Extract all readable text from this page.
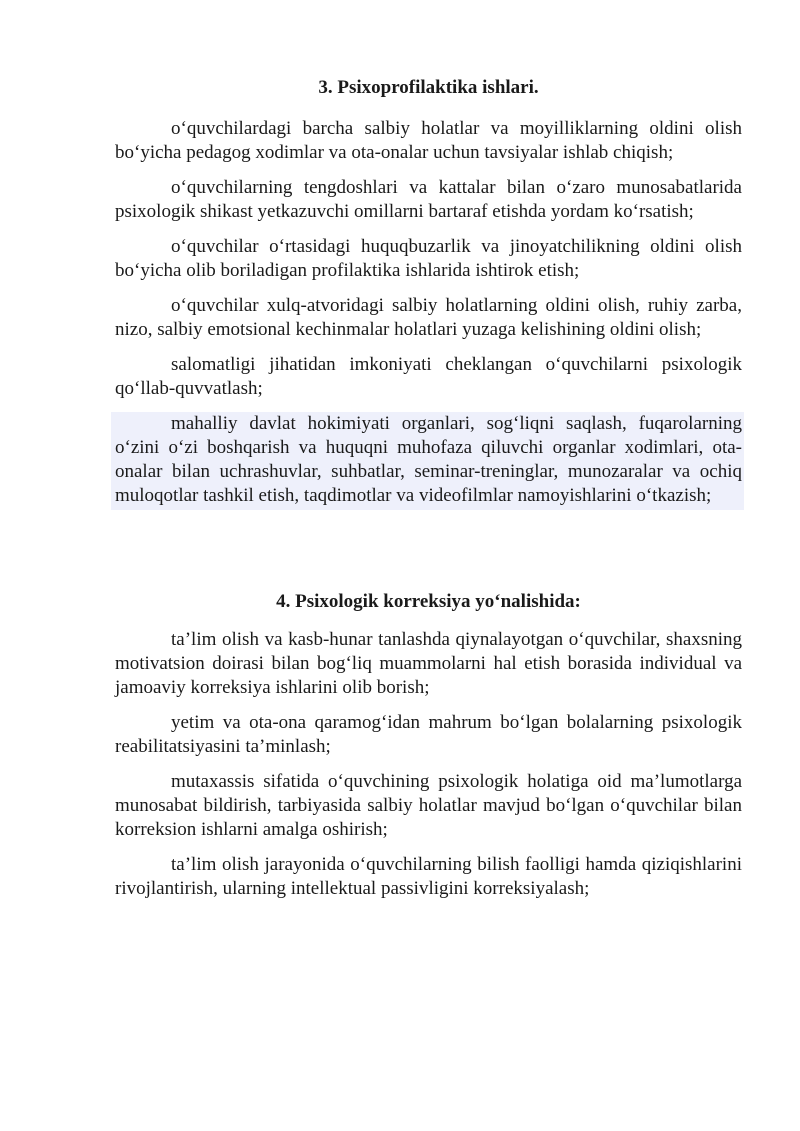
3. Psixoprofilaktika ishlari.

o‘quvchilardagi barcha salbiy holatlar va moyilliklarning oldini olish bo‘yicha pedagog xodimlar va ota-onalar uchun tavsiyalar ishlab chiqish;

o‘quvchilarning tengdoshlari va kattalar bilan o‘zaro munosabatlarida psixologik shikast yetkazuvchi omillarni bartaraf etishda yordam ko‘rsatish;

o‘quvchilar o‘rtasidagi huquqbuzarlik va jinoyatchilikning oldini olish bo‘yicha olib boriladigan profilaktika ishlarida ishtirok etish;

o‘quvchilar xulq-atvoridagi salbiy holatlarning oldini olish, ruhiy zarba, nizo, salbiy emotsional kechinmalar holatlari yuzaga kelishining oldini olish;

salomatligi jihatidan imkoniyati cheklangan o‘quvchilarni psixologik qo‘llab-quvvatlash;

mahalliy davlat hokimiyati organlari, sog‘liqni saqlash, fuqarolarning o‘zini o‘zi boshqarish va huquqni muhofaza qiluvchi organlar xodimlari, ota-onalar bilan uchrashuvlar, suhbatlar, seminar-treninglar, munozaralar va ochiq muloqotlar tashkil etish, taqdimotlar va videofilmlar namoyishlarini o‘tkazish;

4. Psixologik korreksiya yo‘nalishida:

ta’lim olish va kasb-hunar tanlashda qiynalayotgan o‘quvchilar, shaxsning motivatsion doirasi bilan bog‘liq muammolarni hal etish borasida individual va jamoaviy korreksiya ishlarini olib borish;

yetim va ota-ona qaramog‘idan mahrum bo‘lgan bolalarning psixologik reabilitatsiyasini ta’minlash;

mutaxassis sifatida o‘quvchining psixologik holatiga oid ma’lumotlarga munosabat bildirish, tarbiyasida salbiy holatlar mavjud bo‘lgan o‘quvchilar bilan korreksion ishlarni amalga oshirish;

ta’lim olish jarayonida o‘quvchilarning bilish faolligi hamda qiziqishlarini rivojlantirish, ularning intellektual passivligini korreksiyalash;
